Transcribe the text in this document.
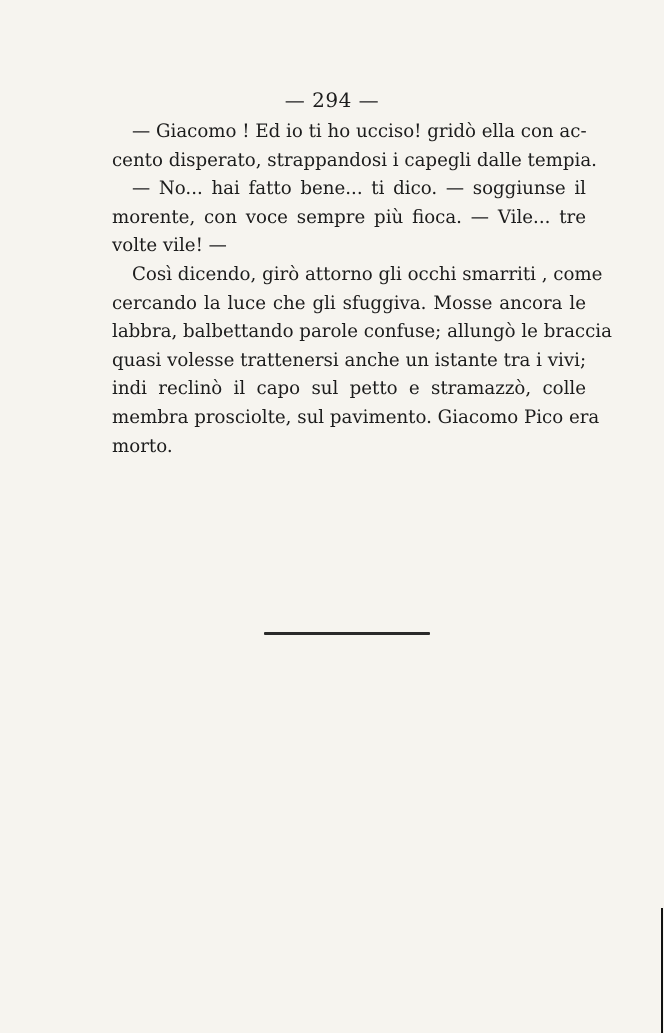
— 294 —
— Giacomo ! Ed io ti ho ucciso! gridò ella con ac-
cento disperato, strappandosi i capegli dalle tempia.
— No... hai fatto bene... ti dico. — soggiunse il
morente, con voce sempre più fioca. — Vile... tre
volte vile! —
Così dicendo, girò attorno gli occhi smarriti , come
cercando la luce che gli sfuggiva. Mosse ancora le
labbra, balbettando parole confuse; allungò le braccia
quasi volesse trattenersi anche un istante tra i vivi;
indi reclinò il capo sul petto e stramazzò, colle
membra prosciolte, sul pavimento. Giacomo Pico era
morto.
